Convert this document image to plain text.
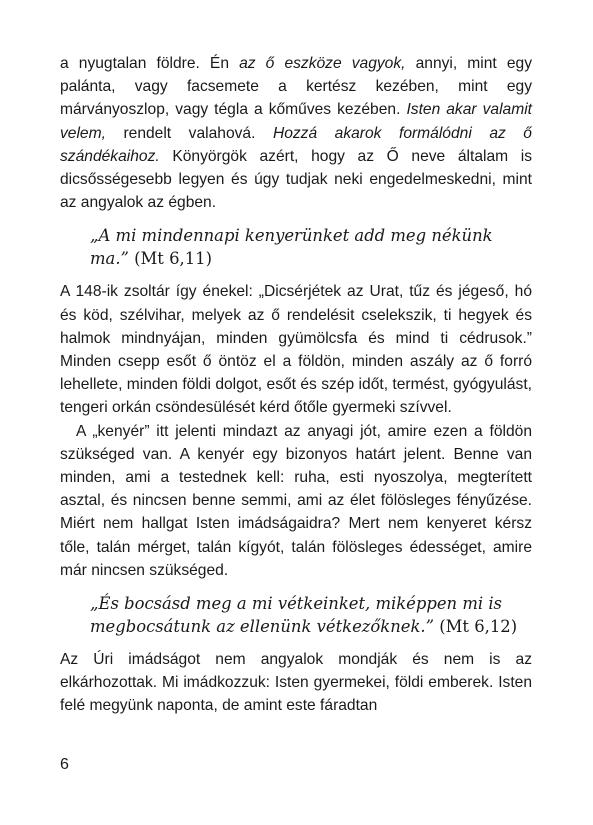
a nyugtalan földre. Én az ő eszköze vagyok, annyi, mint egy palánta, vagy facsemete a kertész kezében, mint egy márványoszlop, vagy tégla a kőműves kezében. Isten akar valamit velem, rendelt valahová. Hozzá akarok formálódni az ő szándékaihoz. Könyörgök azért, hogy az Ő neve általam is dicsősségesebb legyen és úgy tudjak neki engedelmeskedni, mint az angyalok az égben.

„A mi mindennapi kenyerünket add meg nékünk ma.” (Mt 6,11)

A 148-ik zsoltár így énekel: „Dicsérjétek az Urat, tűz és jégeső, hó és köd, szélvihar, melyek az ő rendelésit cselekszik, ti hegyek és halmok mindnyájan, minden gyümölcsfa és mind ti cédrusok.” Minden csepp esőt ő öntöz el a földön, minden aszály az ő forró lehellete, minden földi dolgot, esőt és szép időt, termést, gyógyulást, tengeri orkán csöndesülését kérd őtőle gyermeki szívvel.

A „kenyér” itt jelenti mindazt az anyagi jót, amire ezen a földön szükséged van. A kenyér egy bizonyos határt jelent. Benne van minden, ami a testednek kell: ruha, esti nyoszolya, megterített asztal, és nincsen benne semmi, ami az élet fölösleges fényűzése. Miért nem hallgat Isten imádságaidra? Mert nem kenyeret kérsz tőle, talán mérget, talán kígyót, talán fölösleges édességet, amire már nincsen szükséged.

„És bocsásd meg a mi vétkeinket, miképpen mi is megbocsátunk az ellenünk vétkezőknek.” (Mt 6,12)

Az Úri imádságot nem angyalok mondják és nem is az elkárhozottak. Mi imádkozzuk: Isten gyermekei, földi emberek. Isten felé megyünk naponta, de amint este fáradtan

6
